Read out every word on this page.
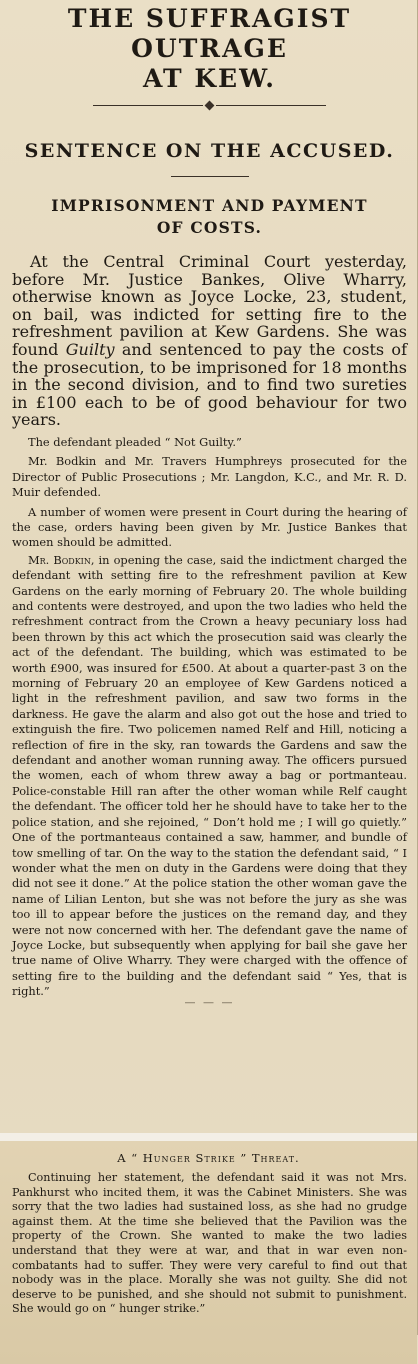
THE SUFFRAGIST OUTRAGE
AT KEW.
SENTENCE ON THE ACCUSED.
IMPRISONMENT AND PAYMENT
OF COSTS.

At the Central Criminal Court yesterday, before Mr. Justice Bankes, Olive Wharry, otherwise known as Joyce Locke, 23, student, on bail, was indicted for setting fire to the refreshment pavilion at Kew Gardens. She was found Guilty and sentenced to pay the costs of the prosecution, to be imprisoned for 18 months in the second division, and to find two sureties in £100 each to be of good behaviour for two years.

The defendant pleaded “ Not Guilty.”

Mr. Bodkin and Mr. Travers Humphreys prosecuted for the Director of Public Prosecutions ; Mr. Langdon, K.C., and Mr. R. D. Muir defended.

A number of women were present in Court during the hearing of the case, orders having been given by Mr. Justice Bankes that women should be admitted.

Mr. Bodkin, in opening the case, said the indictment charged the defendant with setting fire to the refreshment pavilion at Kew Gardens on the early morning of February 20. The whole building and contents were destroyed, and upon the two ladies who held the refreshment contract from the Crown a heavy pecuniary loss had been thrown by this act which the prosecution said was clearly the act of the defendant. The building, which was estimated to be worth £900, was insured for £500. At about a quarter-past 3 on the morning of February 20 an employee of Kew Gardens noticed a light in the refreshment pavilion, and saw two forms in the darkness. He gave the alarm and also got out the hose and tried to extinguish the fire. Two policemen named Relf and Hill, noticing a reflection of fire in the sky, ran towards the Gardens and saw the defendant and another woman running away. The officers pursued the women, each of whom threw away a bag or portmanteau. Police-constable Hill ran after the other woman while Relf caught the defendant. The officer told her he should have to take her to the police station, and she rejoined, “ Don’t hold me ; I will go quietly.” One of the portmanteaus contained a saw, hammer, and bundle of tow smelling of tar. On the way to the station the defendant said, “ I wonder what the men on duty in the Gardens were doing that they did not see it done.” At the police station the other woman gave the name of Lilian Lenton, but she was not before the jury as she was too ill to appear before the justices on the remand day, and they were not now concerned with her. The defendant gave the name of Joyce Locke, but subsequently when applying for bail she gave her true name of Olive Wharry. They were charged with the offence of setting fire to the building and the defendant said “ Yes, that is right.”

— — —
A “ Hunger Strike ” Threat.

Continuing her statement, the defendant said it was not Mrs. Pankhurst who incited them, it was the Cabinet Ministers. She was sorry that the two ladies had sustained loss, as she had no grudge against them. At the time she believed that the Pavilion was the property of the Crown. She wanted to make the two ladies understand that they were at war, and that in war even non-combatants had to suffer. They were very careful to find out that nobody was in the place. Morally she was not guilty. She did not deserve to be punished, and she should not submit to punishment. She would go on “ hunger strike.”
